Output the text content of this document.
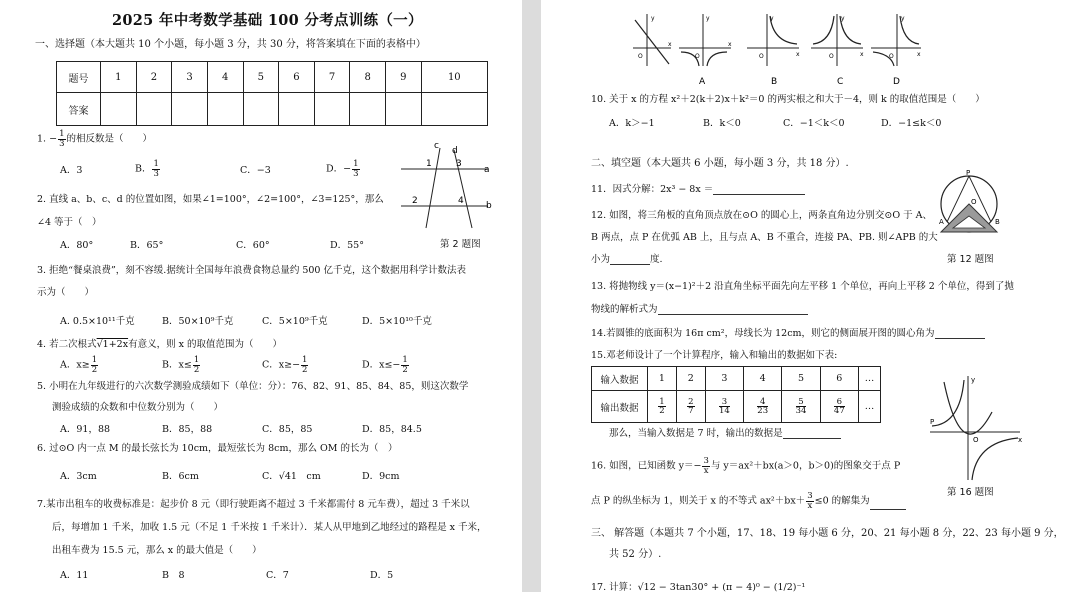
2025 年中考数学基础 100 分考点训练（一）
一、选择题（本大题共 10 个小题，每小题 3 分，共 30 分，将答案填在下面的表格中）
题号	1	2	3	4	5	6	7	8	9	10
答案										
1. − $\frac{1}{3}$ 的相反数是（　　）
A．3	B． $\frac{1}{3}$	C．−3	D．− $\frac{1}{3}$
c d
1	3
a
2	4 b
2. 直线 a、b、c、d 的位置如图，如果∠1=100°，∠2=100°，∠3=125°，那么
∠4 等于（　）
A．80°	B．65°	C．60°	D．55°	第 2 题图
3. 拒绝“餐桌浪费”，刻不容缓.据统计全国每年浪费食物总量约 500 亿千克，这个数据用科学计数法表
示为（　　）
A. 0.5×10¹¹千克	B．50×10⁹千克	C．5×10⁹千克	D．5×10¹⁰千克
4. 若二次根式√1+2x有意义，则 x 的取值范围为（　　）
A．$x\ge \frac{1}{2}$	B．$x\le \frac{1}{2}$	C．$x\ge- \frac{1}{2}$	D．$x\le- \frac{1}{2}$
5. 小明在九年级进行的六次数学测验成绩如下（单位：分）：76、82、91、85、84、85，则这次数学
测验成绩的众数和中位数分别为（　　）
A．91，88	B．85，88	C．85，85	D．85，84.5
6. 过⊙O 内一点 M 的最长弦长为 10cm，最短弦长为 8cm，那么 OM 的长为（　）
A．3cm	B．6cm	C．√41　cm	D．9cm
7.某市出租车的收费标准是：起步价 8 元（即行驶距离不超过 3 千米都需付 8 元车费），超过 3 千米以
后，每增加 1 千米，加收 1.5 元（不足 1 千米按 1 千米计）．某人从甲地到乙地经过的路程是 x 千米，
出租车费为 15.5 元，那么 x 的最大值是（　　）
A．11	B　8	C．7	D．5
O
y
x
O
x
y
A
O	x
y
B
O	x
y
C
O	x
y
D
10. 关于 x 的方程 x²＋2(k＋2)x＋k²＝0 的两实根之和大于－4，则 k 的取值范围是（　　）
A．k＞−1	B．k＜0	C．−1＜k＜0	D．−1≤k＜0
二、填空题（本大题共 6 小题，每小题 3 分，共 18 分）.
11．因式分解：2x³ − 8x ＝
12. 如图，将三角板的直角顶点放在⊙O 的圆心上，两条直角边分别交⊙O 于 A、
B 两点，点 P 在优弧 AB 上，且与点 A、B 不重合，连接 PA、PB. 则∠APB 的大
小为	度.
P
O
A	B
第 12 题图
13. 将抛物线 y＝(x−1)²＋2 沿直角坐标平面先向左平移 1 个单位，再向上平移 2 个单位，得到了抛
物线的解析式为
14.若圆锥的底面积为 16π cm²，母线长为 12cm，则它的侧面展开图的圆心角为
15.邓老师设计了一个计算程序，输入和输出的数据如下表:
输入数据	1	2	3	4	5	6	…
输出数据	$\frac{1}{2}$	$\frac{2}{7}$	$\frac{3}{14}$	$\frac{4}{23}$	$\frac{5}{34}$	$\frac{6}{47}$	…
那么，当输入数据是 7 时，输出的数据是
P
O	x
y
16. 如图，已知函数 $y=- \frac{3}{x}$ 与 y＝ax²＋bx(a＞0，b＞0)的图象交于点 P
点 P 的纵坐标为 1，则关于 x 的不等式 $ax^2+bx+ \frac{3}{x} \le 0$ 的解集为
第 16 题图
三、 解答题（本题共 7 个小题，17、18、19 每小题 6 分，20、21 每小题 8 分，22、23 每小题 9 分，
共 52 分）.
17. 计算：√12 − 3tan30° + (π − 4)⁰ − (1/2)⁻¹
